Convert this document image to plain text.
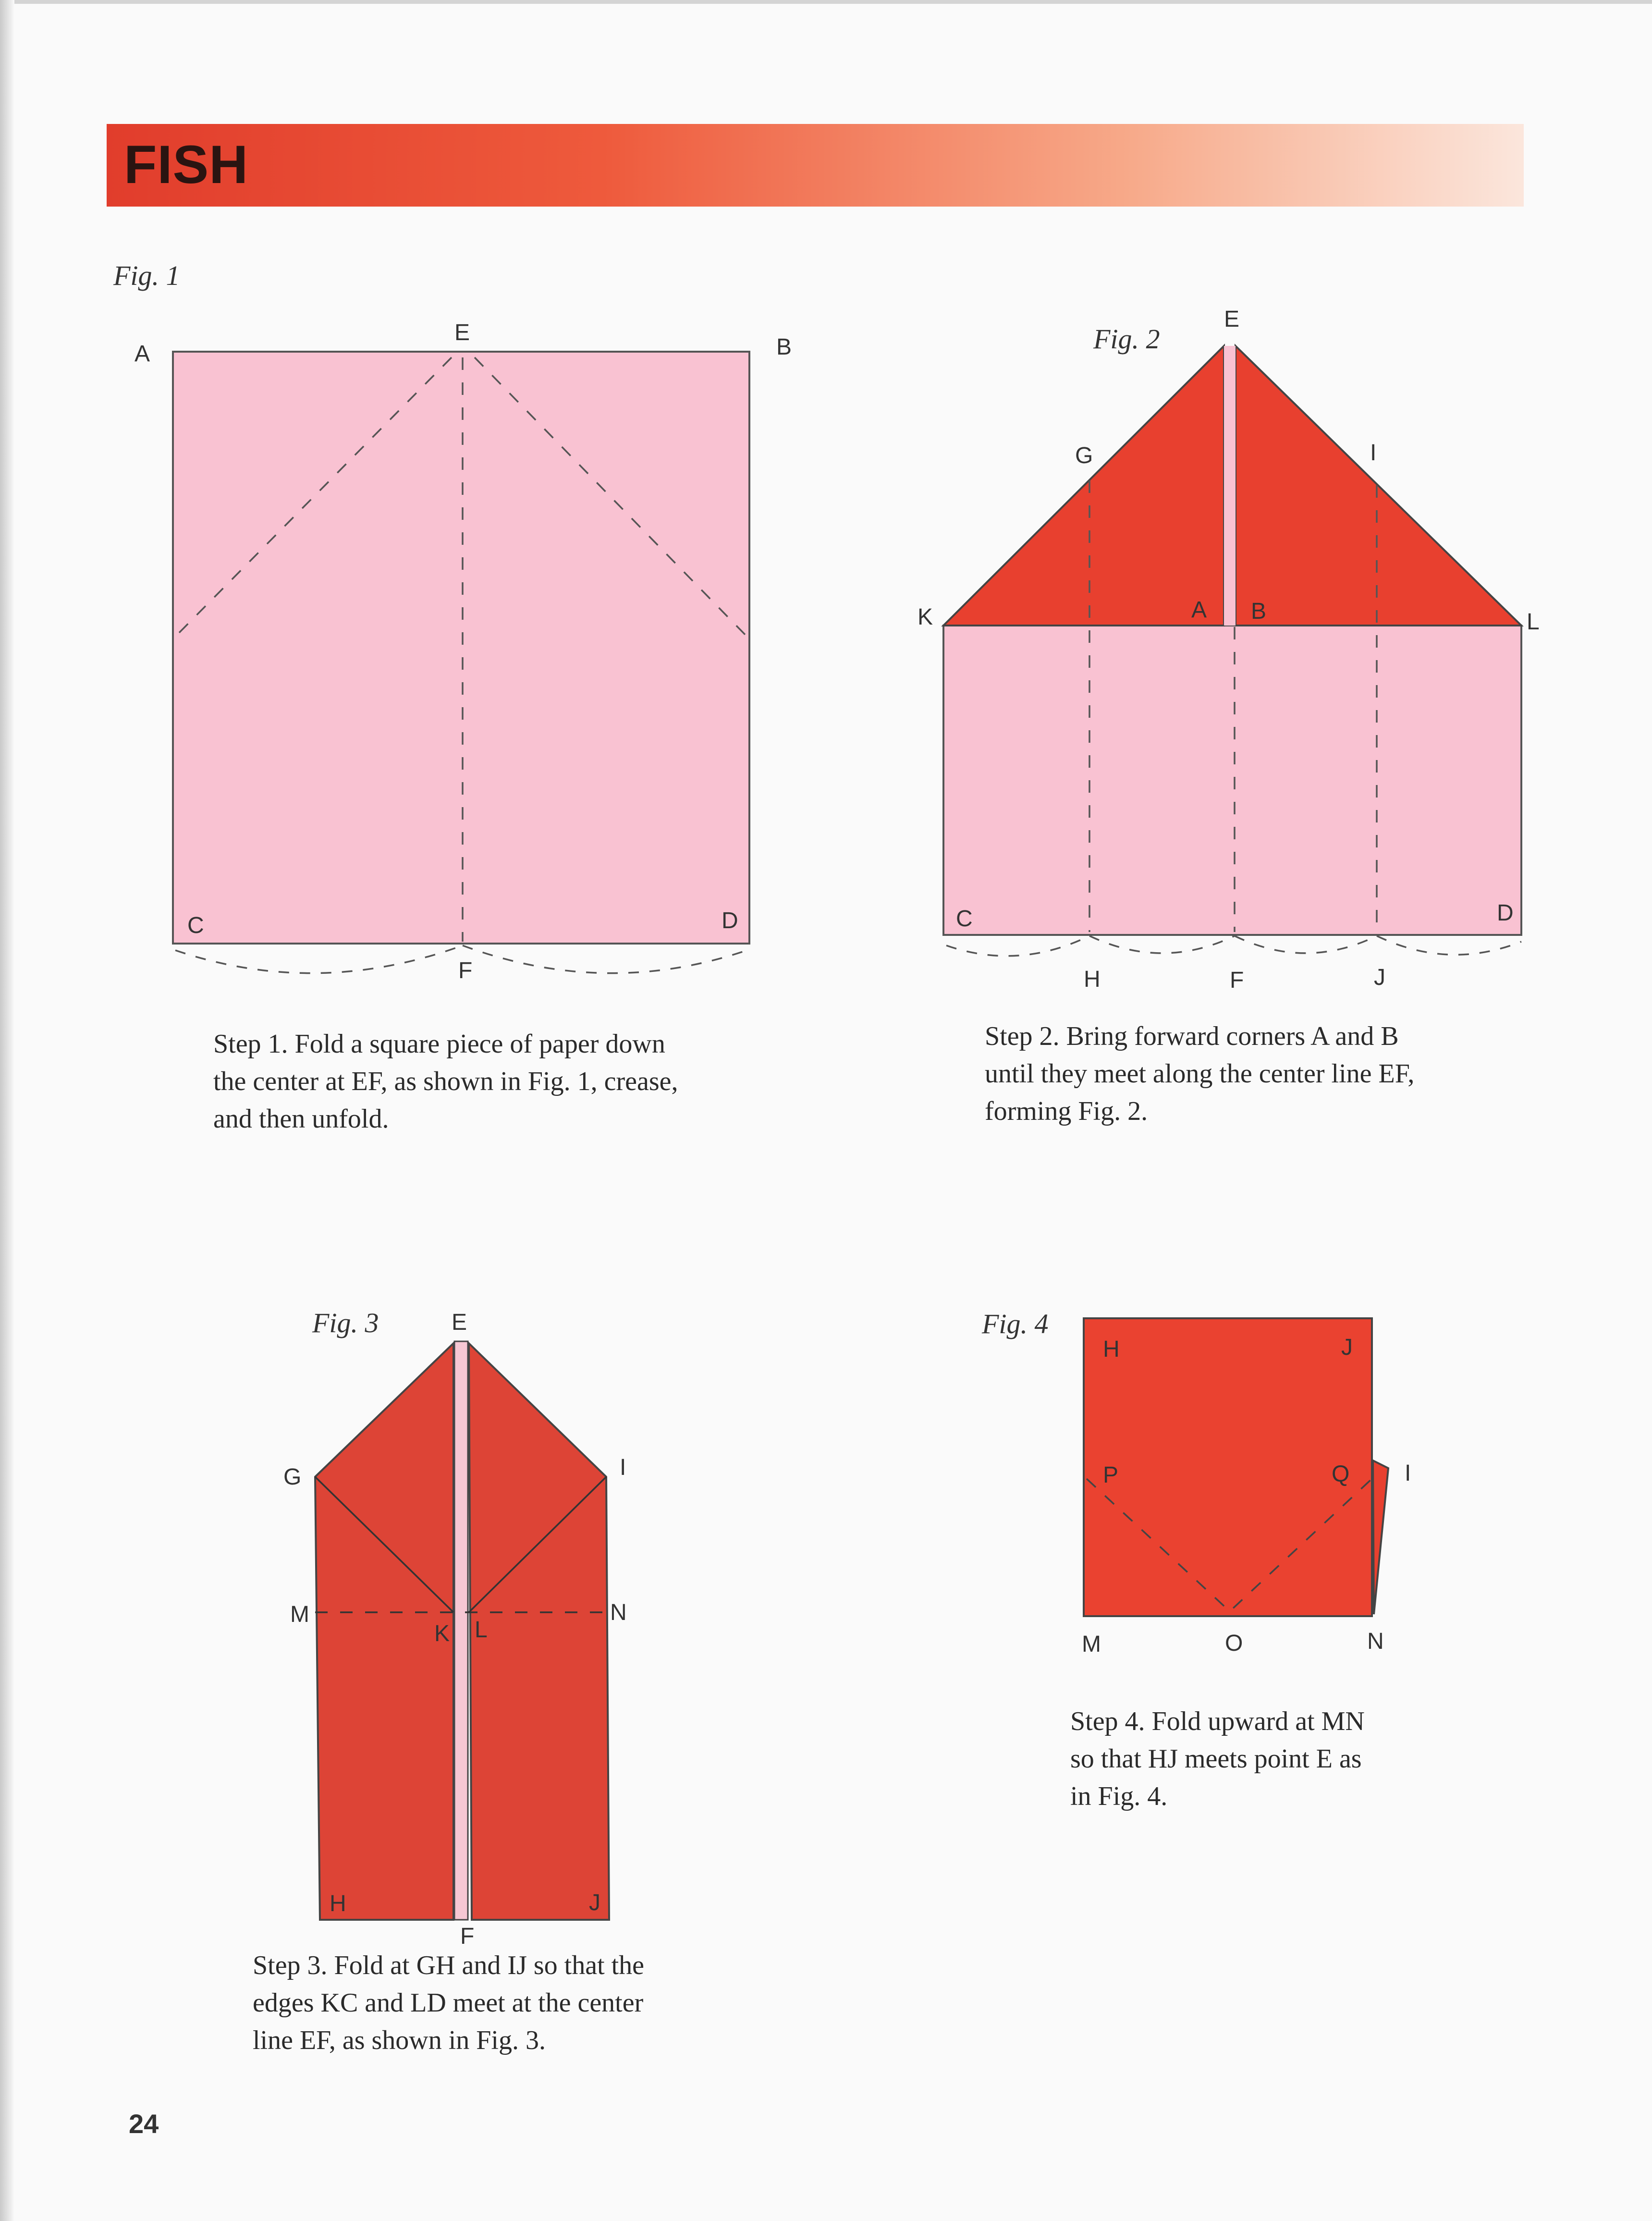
FISH
Fig. 1
A	B
E
C	D
F
Step 1. Fold a square piece of paper down
the center at EF, as shown in Fig. 1, crease,
and then unfold.
Fig. 2
E
G	I
K	A B	L
C	D
H	F	J
Step 2. Bring forward corners A and B
until they meet along the center line EF,
forming Fig. 2.
Fig. 3	E
G	I
M	N
K L
H	J
F
Step 3. Fold at GH and IJ so that the
edges KC and LD meet at the center
line EF, as shown in Fig. 3.
Fig. 4
H	J
P	Q I
M	O	N
Step 4. Fold upward at MN
so that HJ meets point E as
in Fig. 4.
24
